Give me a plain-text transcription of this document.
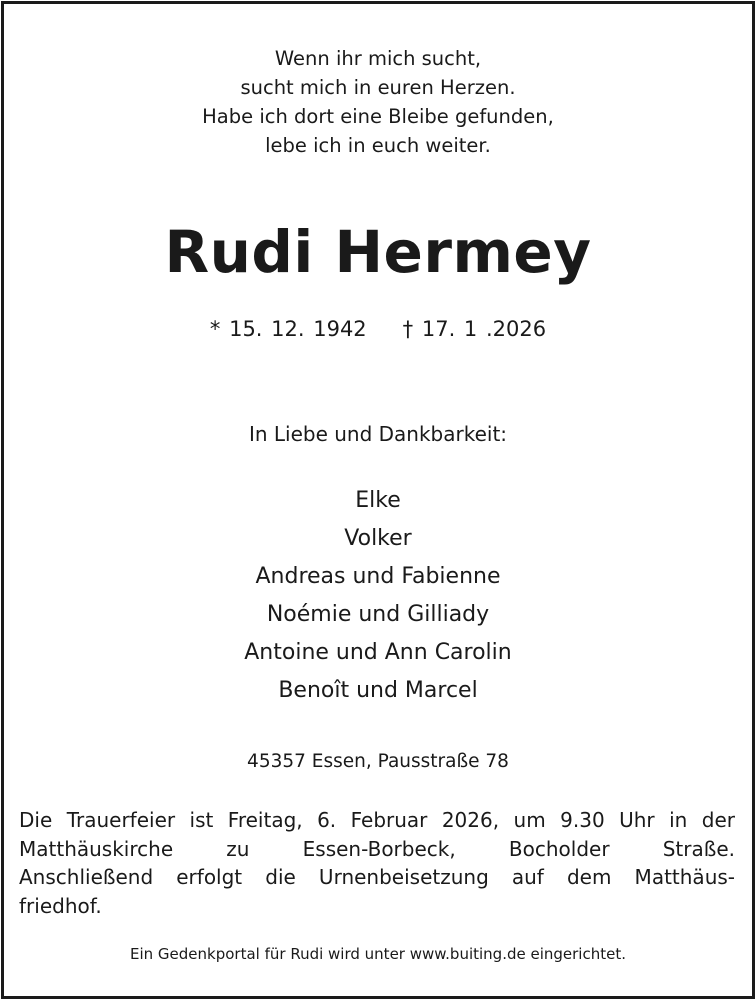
Wenn ihr mich sucht,
sucht mich in euren Herzen.
Habe ich dort eine Bleibe gefunden,
lebe ich in euch weiter.
Rudi Hermey
* 15. 12. 1942 † 17. 1 .2026
In Liebe und Dankbarkeit:
Elke
Volker
Andreas und Fabienne
Noémie und Gilliady
Antoine und Ann Carolin
Benoît und Marcel
45357 Essen, Pausstraße 78
Die Trauerfeier ist Freitag, 6. Februar 2026, um 9.30 Uhr in der
Matthäuskirche zu Essen-Borbeck, Bocholder Straße.
Anschließend erfolgt die Urnenbeisetzung auf dem Matthäus-
friedhof.
Ein Gedenkportal für Rudi wird unter www.buiting.de eingerichtet.
